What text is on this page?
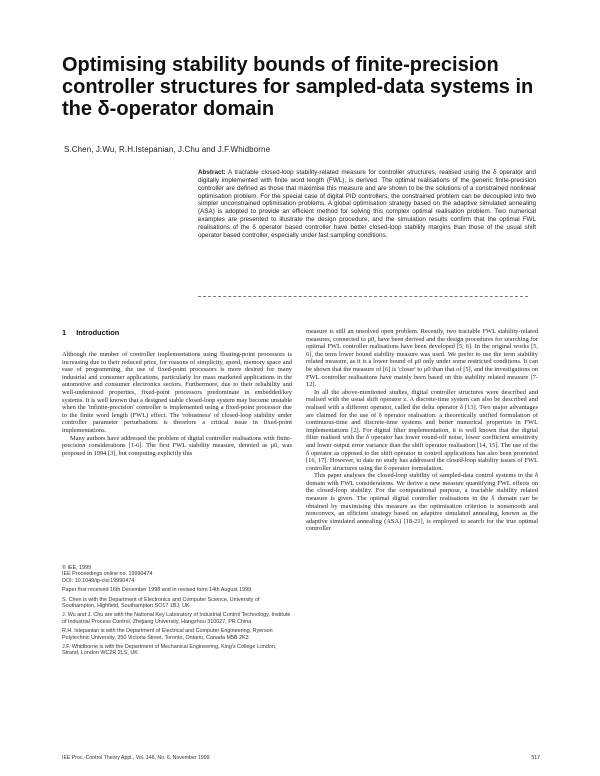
Optimising stability bounds of finite-precision
controller structures for sampled-data systems in
the δ-operator domain
S.Chen, J.Wu, R.H.Istepanian, J.Chu and J.F.Whidborne
Abstract: A tractable closed-loop stability-related measure for controller structures, realised using the δ operator and digitally implemented with finite word length (FWL), is derived. The optimal realisations of the generic finite-precision controller are defined as those that maximise this measure and are shown to be the solutions of a constrained nonlinear optimisation problem. For the special case of digital PID controllers, the constrained problem can be decoupled into two simpler unconstrained optimisation problems. A global optimisation strategy based on the adaptive simulated annealing (ASA) is adopted to provide an efficient method for solving this complex optimal realisation problem. Two numerical examples are presented to illustrate the design procedure, and the simulation results confirm that the optimal FWL realisations of the δ operator based controller have better closed-loop stability margins than those of the usual shift operator based controller, especially under fast sampling conditions.
1 Introduction

Although the number of controller implementations using floating-point processors is increasing due to their reduced price, for reasons of simplicity, speed, memory space and ease of programming, the use of fixed-point processors is more desired for many industrial and consumer applications, particularly for mass marketed applications in the automotive and consumer electronics sectors. Furthermore, due to their reliability and well-understood properties, fixed-point processors predominate in embedded/key systems. It is well known that a designed stable closed-loop system may become unstable when the 'infinite-precision' controller is implemented using a fixed-point processor due to the finite word length (FWL) effect. The 'robustness' of closed-loop stability under controller parameter perturbations is therefore a critical issue in fixed-point implementations.

Many authors have addressed the problem of digital controller realisations with finite-precision considerations [1-6]. The first FWL stability measure, denoted as μ0, was proposed in 1994 [3], but computing explicitly this

measure is still an unsolved open problem. Recently, two tractable FWL stability-related measures, connected to μ0, have been derived and the design procedures for searching for optimal FWL controller realisations have been developed [5, 6]. In the original works [5, 6], the term lower bound stability measure was used. We prefer to use the term stability related measure, as it is a lower bound of μ0 only under some restricted conditions. It can be shown that the measure of [6] is 'closer' to μ0 than that of [5], and the investigations on FWL controller realisations have mainly been based on this stability related measure [7-12].

In all the above-mentioned studies, digital controller structures were described and realised with the usual shift operator z. A discrete-time system can also be described and realised with a different operator, called the delta operator δ [13]. Two major advantages are claimed for the use of δ operator realisation: a theoretically unified formulation of continuous-time and discrete-time systems and better numerical properties in FWL implementations [2]. For digital filter implementation, it is well known that the digital filter realised with the δ operator has lower round-off noise, lower coefficient sensitivity and lower output error variance than the shift operator realisation [14, 15]. The use of the δ operator as opposed to the shift operator in control applications has also been promoted [16, 17]. However, to date no study has addressed the closed-loop stability issues of FWL controller structures using the δ operator formulation.

This paper analyses the closed-loop stability of sampled-data control systems in the δ domain with FWL considerations. We derive a new measure quantifying FWL effects on the closed-loop stability. For the computational purpose, a tractable stability related measure is given. The optimal digital controller realisations in the δ domain can be obtained by maximising this measure as the optimisation criterion is nonsmooth and nonconvex, an efficient strategy based on adaptive simulated annealing, known as the adaptive simulated annealing (ASA) [18-21], is employed to search for the true optimal controller

© IEE, 1999
IEE Proceedings online no. 19990474
DOI: 10.1049/ip-cta:19990474
Paper first received 16th December 1998 and in revised form 14th August 1999
S. Chen is with the Department of Electronics and Computer Science, University of Southampton, Highfield, Southampton SO17 1BJ, UK
J. Wu and J. Chu are with the National Key Laboratory of Industrial Control Technology, Institute of Industrial Process Control, Zhejiang University, Hangzhou 310027, PR China
R.H. Istepanian is with the Department of Electrical and Computer Engineering, Ryerson Polytechnic University, 350 Victoria Street, Toronto, Ontario, Canada M5B 2K3
J.F. Whidborne is with the Department of Mechanical Engineering, King's College London, Strand, London WC2R 2LS, UK
IEE Proc.-Control Theory Appl., Vol. 146, No. 6, November 1999	517
